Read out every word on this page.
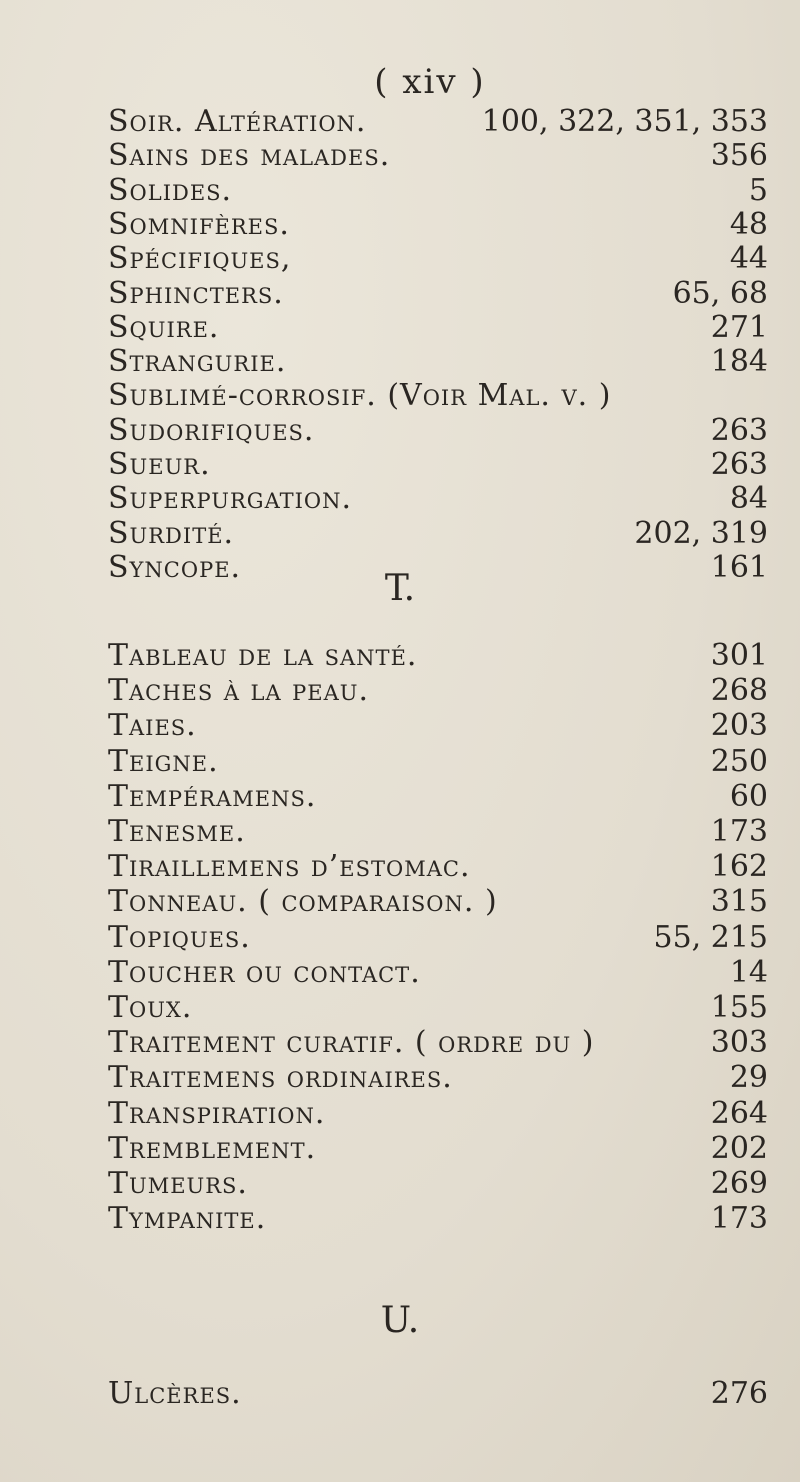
( xiv )
Soir. Altération.	100, 322, 351, 353
Sains des malades.	356
Solides.	5
Somnifères.	48
Spécifiques,	44
Sphincters.	65, 68
Squire.	271
Strangurie.	184
Sublimé-corrosif. (Voir Mal. v. )
Sudorifiques.	263
Sueur.	263
Superpurgation.	84
Surdité.	202, 319
Syncope.	161
T.
Tableau de la santé.	301
Taches à la peau.	268
Taies.	203
Teigne.	250
Tempéramens.	60
Tenesme.	173
Tiraillemens d’estomac.	162
Tonneau. ( comparaison. )	315
Topiques.	55, 215
Toucher ou contact.	14
Toux.	155
Traitement curatif. ( ordre du )	303
Traitemens ordinaires.	29
Transpiration.	264
Tremblement.	202
Tumeurs.	269
Tympanite.	173
U.
Ulcères.	276
